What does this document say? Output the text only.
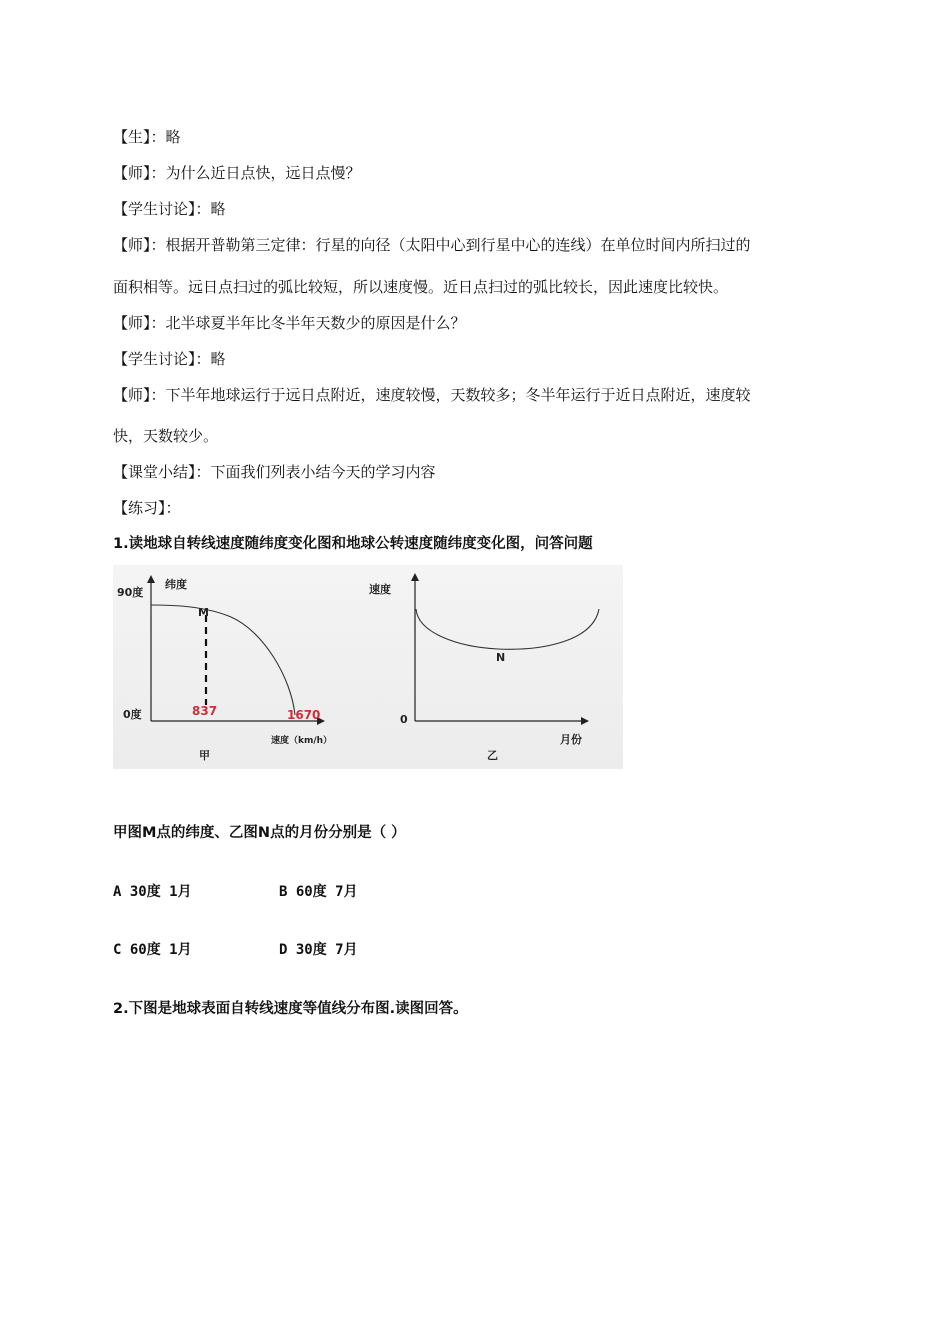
【生】：略
【师】：为什么近日点快，远日点慢？
【学生讨论】：略
【师】：根据开普勒第三定律：行星的向径（太阳中心到行星中心的连线）在单位时间内所扫过的
面积相等。远日点扫过的弧比较短，所以速度慢。近日点扫过的弧比较长，因此速度比较快。
【师】：北半球夏半年比冬半年天数少的原因是什么？
【学生讨论】：略
【师】：下半年地球运行于远日点附近，速度较慢，天数较多；冬半年运行于近日点附近，速度较
快，天数较少。
【课堂小结】：下面我们列表小结今天的学习内容
【练习】：
1.读地球自转线速度随纬度变化图和地球公转速度随纬度变化图，问答问题
纬度
90度
0度
M
837	1670
速度（km/h）
甲
速度
0
N
月份
乙
甲图M点的纬度、乙图N点的月份分别是（ ）
A 30度 1月	B 60度 7月
C 60度 1月	D 30度 7月
2.下图是地球表面自转线速度等值线分布图.读图回答。
